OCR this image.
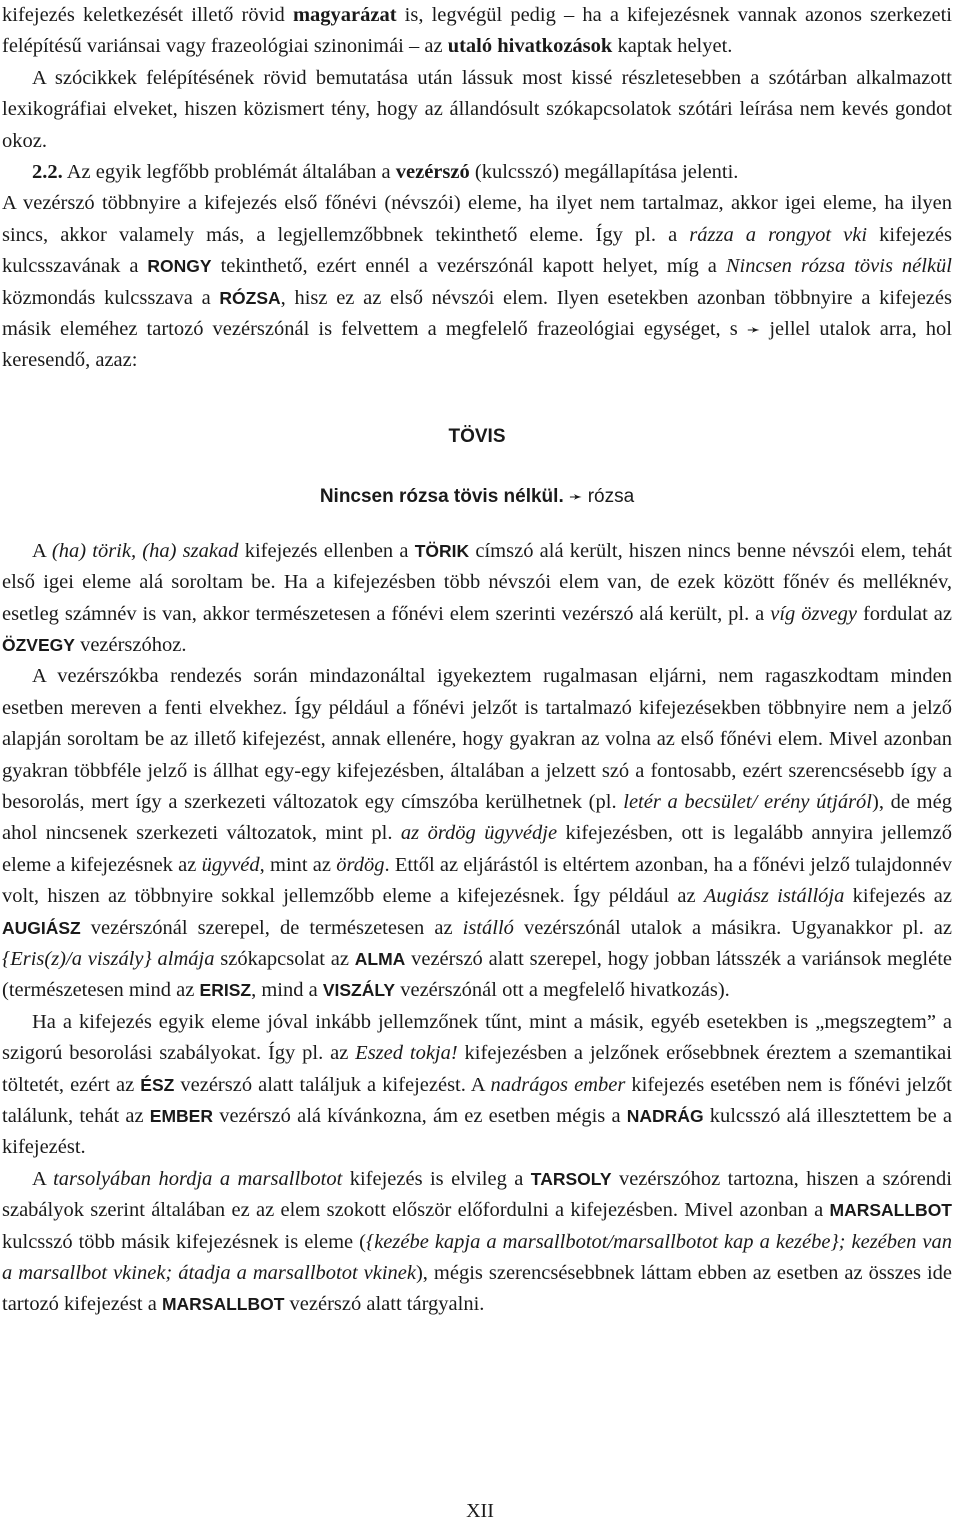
kifejezés keletkezését illető rövid magyarázat is, legvégül pedig – ha a kifejezésnek vannak azonos szerkezeti felépítésű variánsai vagy frazeológiai szinonimái – az utaló hivatkozások kaptak helyet.

A szócikkek felépítésének rövid bemutatása után lássuk most kissé részletesebben a szótárban alkalmazott lexikográfiai elveket, hiszen közismert tény, hogy az állandósult szókapcsolatok szótári leírása nem kevés gondot okoz.

2.2. Az egyik legfőbb problémát általában a vezérszó (kulcsszó) megállapítása jelenti.

A vezérszó többnyire a kifejezés első főnévi (névszói) eleme, ha ilyet nem tartalmaz, akkor igei eleme, ha ilyen sincs, akkor valamely más, a legjellemzőbbnek tekinthető eleme. Így pl. a rázza a rongyot vki kifejezés kulcsszavának a RONGY tekinthető, ezért ennél a vezérszónál kapott helyet, míg a Nincsen rózsa tövis nélkül közmondás kulcsszava a RÓZSA, hisz ez az első névszói elem. Ilyen esetekben azonban többnyire a kifejezés másik eleméhez tartozó vezérszónál is felvettem a megfelelő frazeológiai egységet, s ➛ jellel utalok arra, hol keresendő, azaz:

TÖVIS

Nincsen rózsa tövis nélkül. ➛ rózsa

A (ha) törik, (ha) szakad kifejezés ellenben a TÖRIK címszó alá került, hiszen nincs benne névszói elem, tehát első igei eleme alá soroltam be. Ha a kifejezésben több névszói elem van, de ezek között főnév és melléknév, esetleg számnév is van, akkor természetesen a főnévi elem szerinti vezérszó alá került, pl. a víg özvegy fordulat az ÖZVEGY vezérszóhoz.

A vezérszókba rendezés során mindazonáltal igyekeztem rugalmasan eljárni, nem ragaszkodtam minden esetben mereven a fenti elvekhez. Így például a főnévi jelzőt is tartalmazó kifejezésekben többnyire nem a jelző alapján soroltam be az illető kifejezést, annak ellenére, hogy gyakran az volna az első főnévi elem. Mivel azonban gyakran többféle jelző is állhat egy-egy kifejezésben, általában a jelzett szó a fontosabb, ezért szerencsésebb így a besorolás, mert így a szerkezeti változatok egy címszóba kerülhetnek (pl. letér a becsület/ erény útjáról), de még ahol nincsenek szerkezeti változatok, mint pl. az ördög ügyvédje kifejezésben, ott is legalább annyira jellemző eleme a kifejezésnek az ügyvéd, mint az ördög. Ettől az eljárástól is eltértem azonban, ha a főnévi jelző tulajdonnév volt, hiszen az többnyire sokkal jellemzőbb eleme a kifejezésnek. Így például az Augiász istállója kifejezés az AUGIÁSZ vezérszónál szerepel, de természetesen az istálló vezérszónál utalok a másikra. Ugyanakkor pl. az {Eris(z)/a viszály} almája szókapcsolat az ALMA vezérszó alatt szerepel, hogy jobban látsszék a variánsok megléte (természetesen mind az ERISZ, mind a VISZÁLY vezérszónál ott a megfelelő hivatkozás).

Ha a kifejezés egyik eleme jóval inkább jellemzőnek tűnt, mint a másik, egyéb esetekben is „megszegtem” a szigorú besorolási szabályokat. Így pl. az Eszed tokja! kifejezésben a jelzőnek erősebbnek éreztem a szemantikai töltetét, ezért az ÉSZ vezérszó alatt találjuk a kifejezést. A nadrágos ember kifejezés esetében nem is főnévi jelzőt találunk, tehát az EMBER vezérszó alá kívánkozna, ám ez esetben mégis a NADRÁG kulcsszó alá illesztettem be a kifejezést.

A tarsolyában hordja a marsallbotot kifejezés is elvileg a TARSOLY vezérszóhoz tartozna, hiszen a szórendi szabályok szerint általában ez az elem szokott először előfordulni a kifejezésben. Mivel azonban a MARSALLBOT kulcsszó több másik kifejezésnek is eleme ({kezébe kapja a marsallbotot/marsallbotot kap a kezébe}; kezében van a marsallbot vkinek; átadja a marsallbotot vkinek), mégis szerencsésebbnek láttam ebben az esetben az összes ide tartozó kifejezést a MARSALLBOT vezérszó alatt tárgyalni.

XII
